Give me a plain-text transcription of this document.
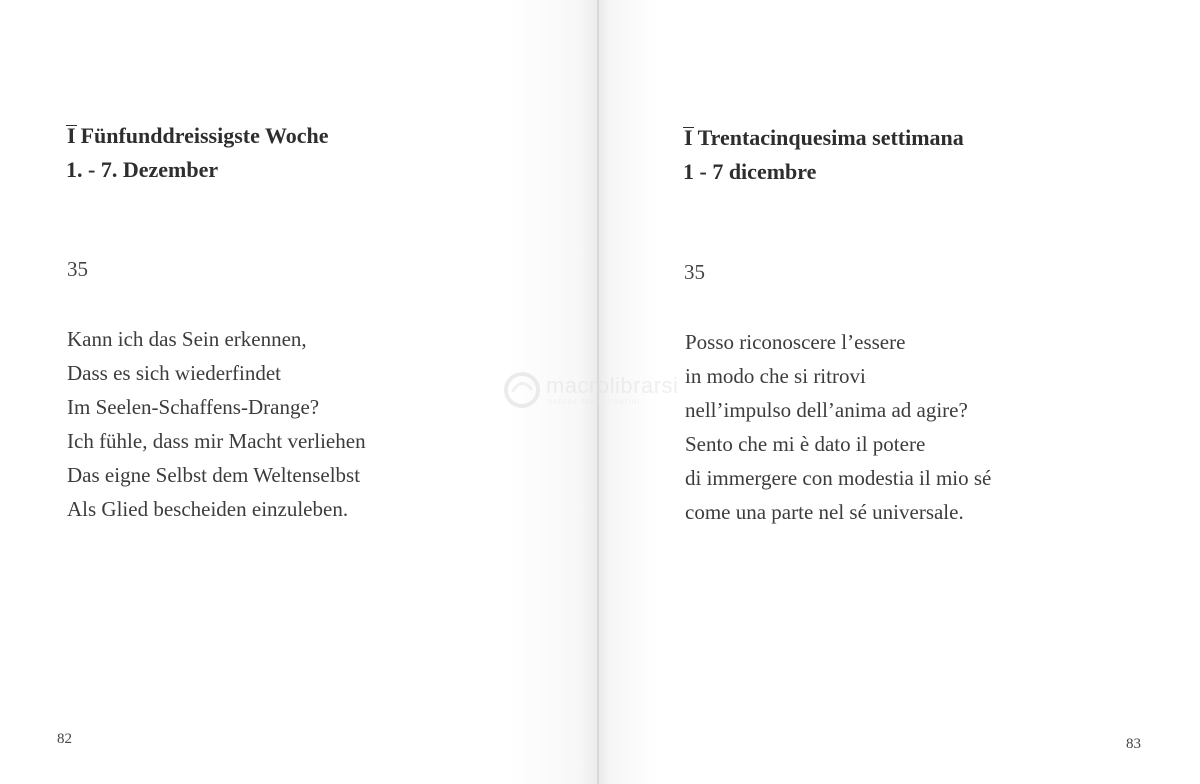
I Fünfunddreissigste Woche
1. - 7. Dezember
35
Kann ich das Sein erkennen,
Dass es sich wiederfindet
Im Seelen-Schaffens-Drange?
Ich fühle, dass mir Macht verliehen
Das eigne Selbst dem Weltenselbst
Als Glied bescheiden einzuleben.
82
I Trentacinquesima settimana
1 - 7 dicembre
35
Posso riconoscere l’essere
in modo che si ritrovi
nell’impulso dell’anima ad agire?
Sento che mi è dato il potere
di immergere con modestia il mio sé
come una parte nel sé universale.
83
macrolibrarsi
SAPERE SENZA CONFINI
